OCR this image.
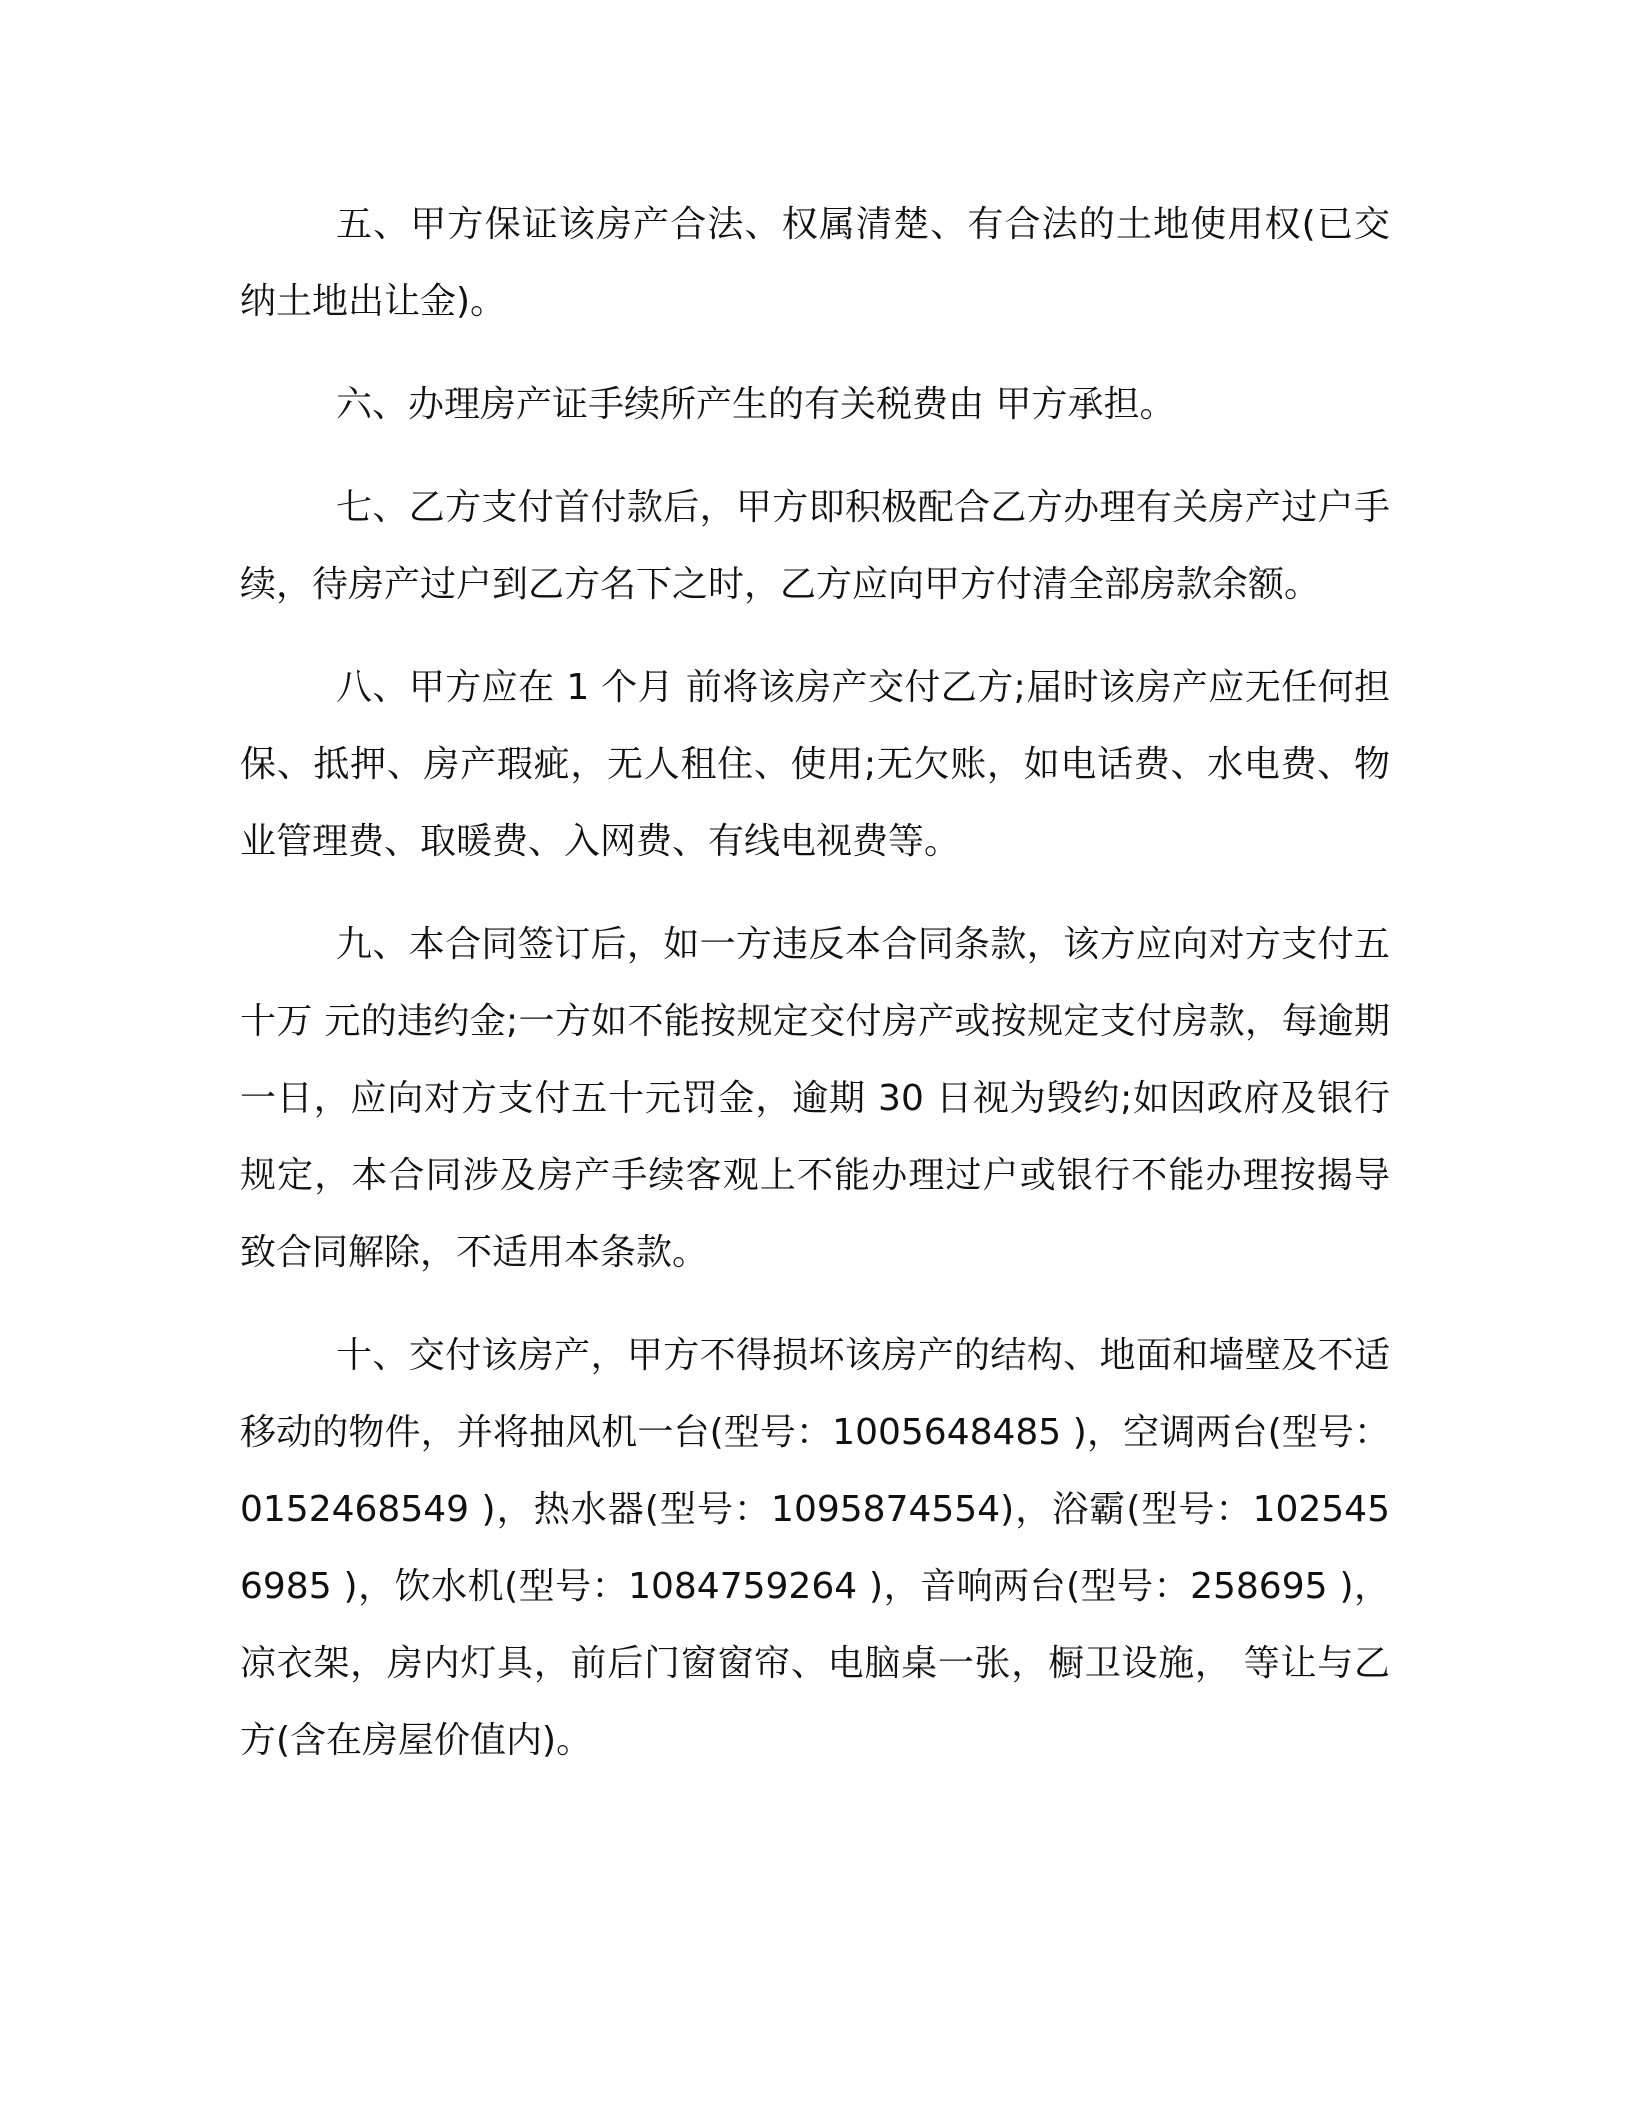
五、甲方保证该房产合法、权属清楚、有合法的土地使用权(已交纳土地出让金)。

六、办理房产证手续所产生的有关税费由 甲方承担。

七、乙方支付首付款后，甲方即积极配合乙方办理有关房产过户手续，待房产过户到乙方名下之时，乙方应向甲方付清全部房款余额。

八、甲方应在 1 个月 前将该房产交付乙方;届时该房产应无任何担保、抵押、房产瑕疵，无人租住、使用;无欠账，如电话费、水电费、物业管理费、取暖费、入网费、有线电视费等。

九、本合同签订后，如一方违反本合同条款，该方应向对方支付五十万 元的违约金;一方如不能按规定交付房产或按规定支付房款，每逾期一日，应向对方支付五十元罚金，逾期 30 日视为毁约;如因政府及银行规定，本合同涉及房产手续客观上不能办理过户或银行不能办理按揭导致合同解除，不适用本条款。

十、交付该房产，甲方不得损坏该房产的结构、地面和墙壁及不适移动的物件，并将抽风机一台(型号：1005648485 )，空调两台(型号：0152468549 )，热水器(型号：1095874554)，浴霸(型号：1025456985 )，饮水机(型号：1084759264 )，音响两台(型号：258695 )，凉衣架，房内灯具，前后门窗窗帘、电脑桌一张，橱卫设施， 等让与乙方(含在房屋价值内)。
